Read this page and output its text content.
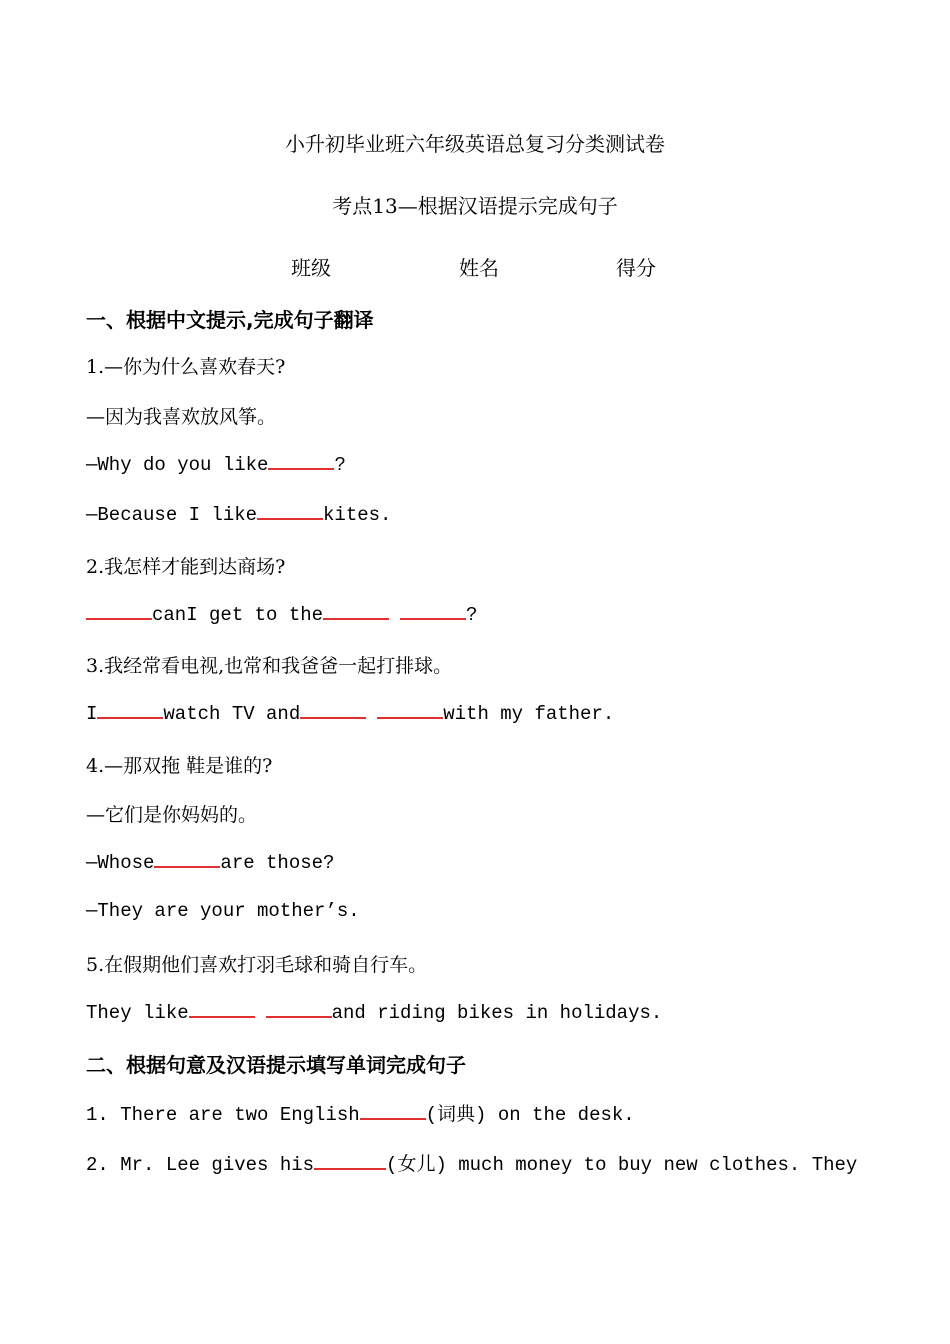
小升初毕业班六年级英语总复习分类测试卷
考点13—根据汉语提示完成句子
班级	姓名	得分
一、根据中文提示,完成句子翻译
1.—你为什么喜欢春天?
—因为我喜欢放风筝。
—Why do you like	?
—Because I like	kites.
2.我怎样才能到达商场?
canI get to the	?
3.我经常看电视,也常和我爸爸一起打排球。
I	watch TV and	with my father.
4.—那双拖 鞋是谁的?
—它们是你妈妈的。
—Whose	are those?
—They are your mother’s.
5.在假期他们喜欢打羽毛球和骑自行车。
They like	and riding bikes in holidays.
二、根据句意及汉语提示填写单词完成句子
1. There are two English	(词典) on the desk.
2. Mr. Lee gives his	(女儿) much money to buy new clothes. They
